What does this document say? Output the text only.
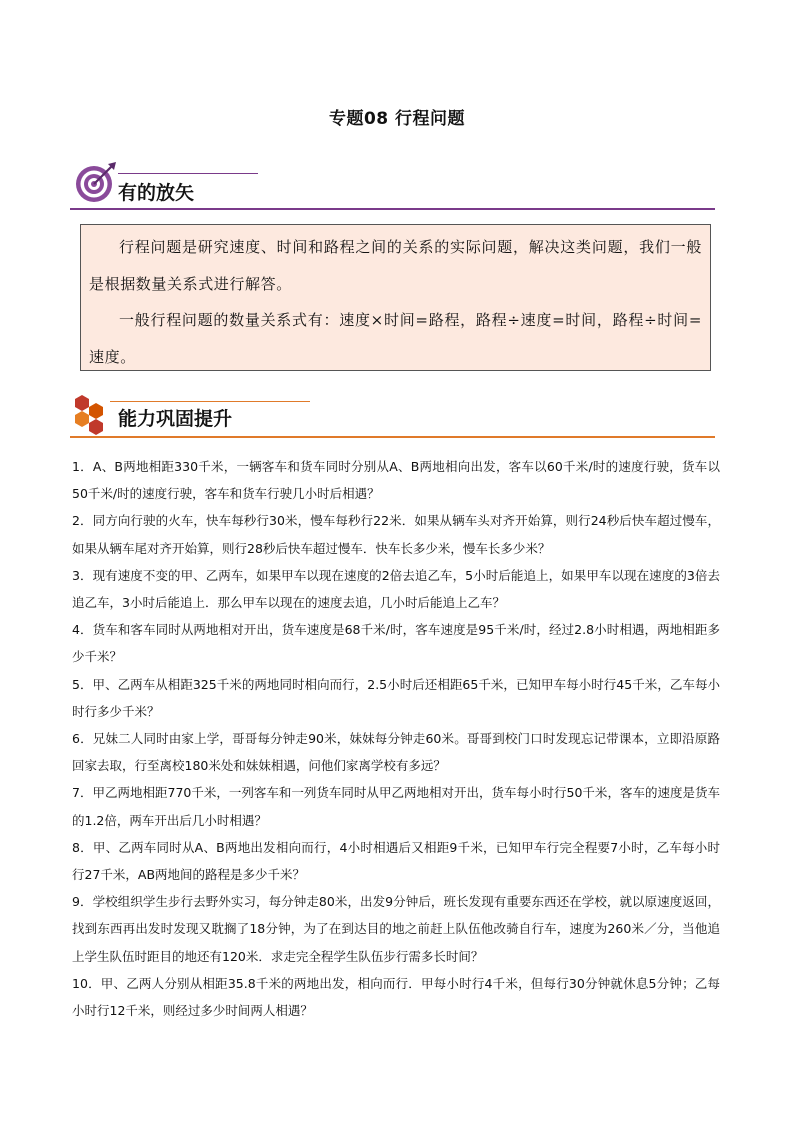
专题08 行程问题
有的放矢

行程问题是研究速度、时间和路程之间的关系的实际问题，解决这类问题，我们一般是根据数量关系式进行解答。

一般行程问题的数量关系式有：速度×时间=路程，路程÷速度=时间，路程÷时间=速度。

能力巩固提升

1．A、B两地相距330千米，一辆客车和货车同时分别从A、B两地相向出发，客车以60千米/时的速度行驶，货车以50千米/时的速度行驶，客车和货车行驶几小时后相遇？

2．同方向行驶的火车，快车每秒行30米，慢车每秒行22米．如果从辆车头对齐开始算，则行24秒后快车超过慢车，如果从辆车尾对齐开始算，则行28秒后快车超过慢车．快车长多少米，慢车长多少米？

3．现有速度不变的甲、乙两车，如果甲车以现在速度的2倍去追乙车，5小时后能追上，如果甲车以现在速度的3倍去追乙车，3小时后能追上．那么甲车以现在的速度去追，几小时后能追上乙车？

4．货车和客车同时从两地相对开出，货车速度是68千米/时，客车速度是95千米/时，经过2.8小时相遇，两地相距多少千米？

5．甲、乙两车从相距325千米的两地同时相向而行，2.5小时后还相距65千米，已知甲车每小时行45千米，乙车每小时行多少千米？

6．兄妹二人同时由家上学，哥哥每分钟走90米，妹妹每分钟走60米。哥哥到校门口时发现忘记带课本，立即沿原路回家去取，行至离校180米处和妹妹相遇，问他们家离学校有多远？

7．甲乙两地相距770千米，一列客车和一列货车同时从甲乙两地相对开出，货车每小时行50千米，客车的速度是货车的1.2倍，两车开出后几小时相遇？

8．甲、乙两车同时从A、B两地出发相向而行，4小时相遇后又相距9千米，已知甲车行完全程要7小时，乙车每小时行27千米，AB两地间的路程是多少千米？

9．学校组织学生步行去野外实习，每分钟走80米，出发9分钟后，班长发现有重要东西还在学校，就以原速度返回，找到东西再出发时发现又耽搁了18分钟，为了在到达目的地之前赶上队伍他改骑自行车，速度为260米／分，当他追上学生队伍时距目的地还有120米．求走完全程学生队伍步行需多长时间？

10．甲、乙两人分别从相距35.8千米的两地出发，相向而行．甲每小时行4千米，但每行30分钟就休息5分钟；乙每小时行12千米，则经过多少时间两人相遇？
